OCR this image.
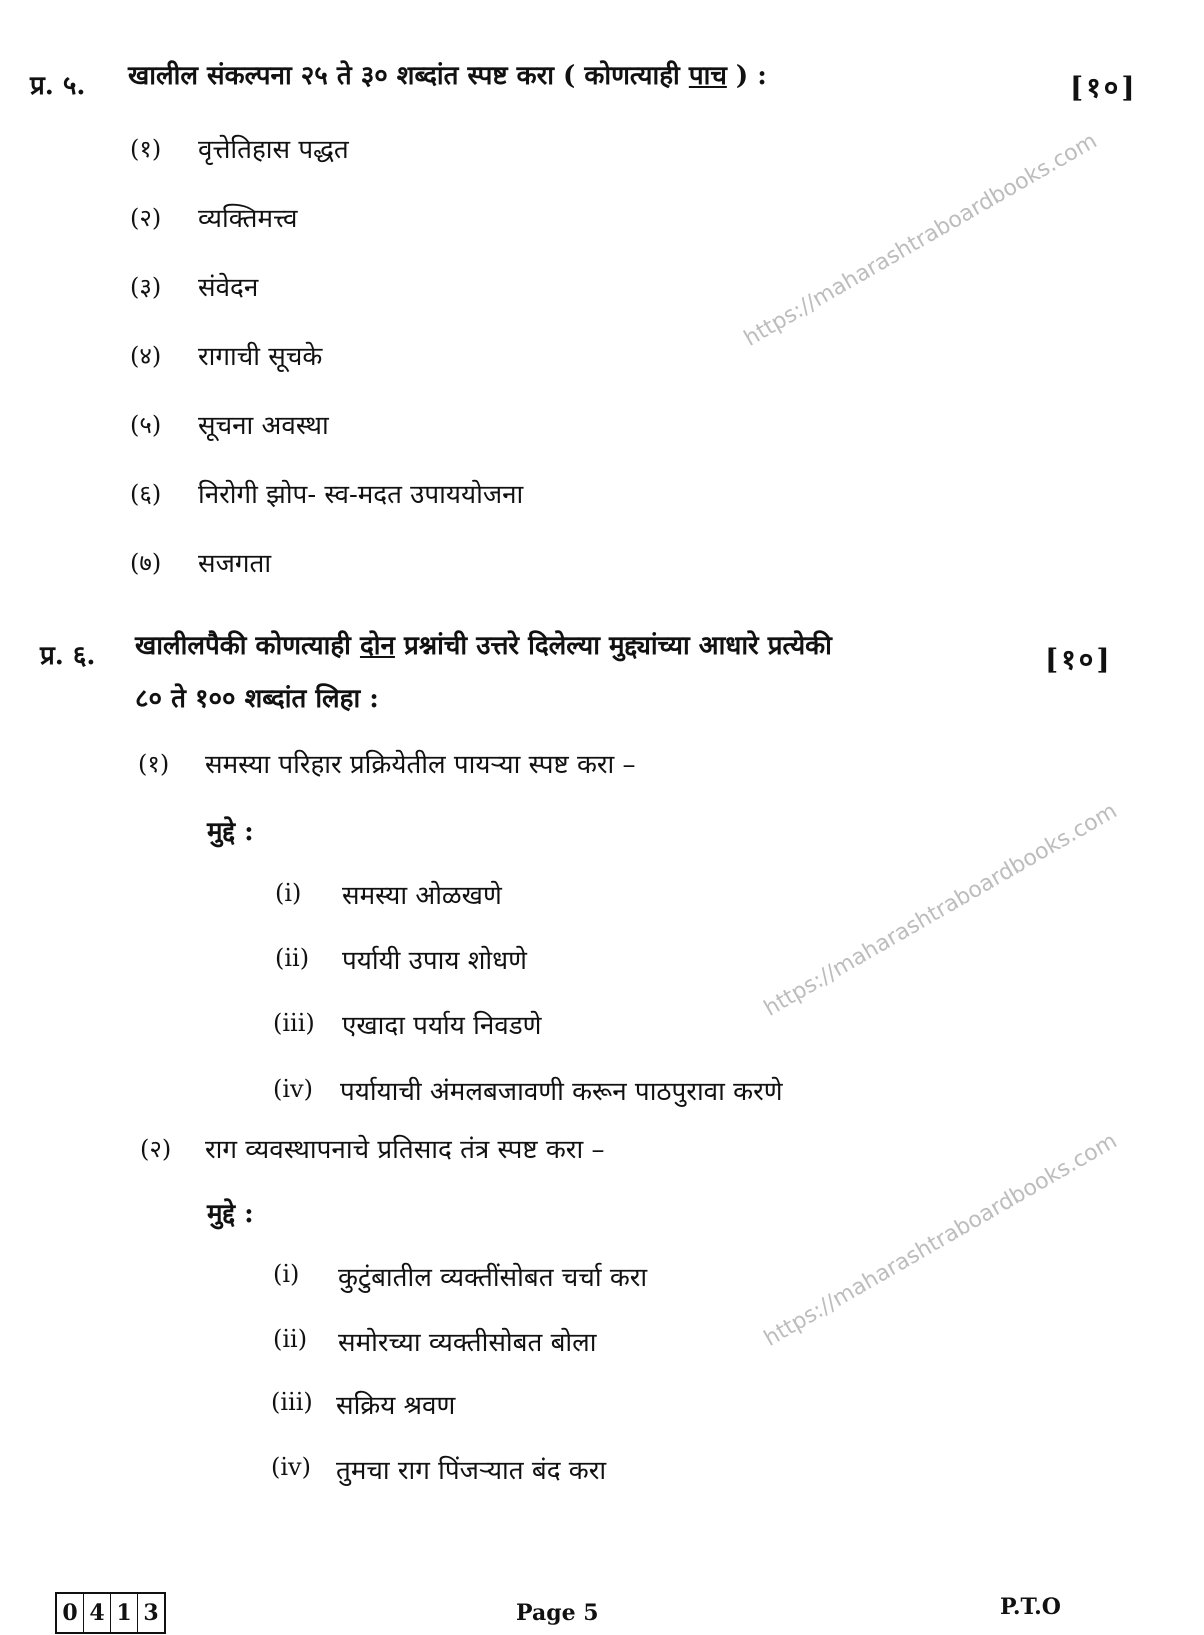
https://maharashtraboardbooks.com
https://maharashtraboardbooks.com
https://maharashtraboardbooks.com
प्र. ५. खालील संकल्पना २५ ते ३० शब्दांत स्पष्ट करा ( कोणत्याही पाच ) :	[१०]
(१) वृत्तेतिहास पद्धत
(२) व्यक्तिमत्त्व
(३) संवेदन
(४) रागाची सूचके
(५) सूचना अवस्था
(६) निरोगी झोप- स्व-मदत उपाययोजना
(७) सजगता
प्र. ६. खालीलपैकी कोणत्याही दोन प्रश्नांची उत्तरे दिलेल्या मुद्द्यांच्या आधारे प्रत्येकी
८० ते १०० शब्दांत लिहा :
[१०]
(१) समस्या परिहार प्रक्रियेतील पायऱ्या स्पष्ट करा –
मुद्दे :
(i) समस्या ओळखणे
(ii) पर्यायी उपाय शोधणे
(iii) एखादा पर्याय निवडणे
(iv) पर्यायाची अंमलबजावणी करून पाठपुरावा करणे
(२) राग व्यवस्थापनाचे प्रतिसाद तंत्र स्पष्ट करा –
मुद्दे :
(i) कुटुंबातील व्यक्तींसोबत चर्चा करा
(ii) समोरच्या व्यक्तीसोबत बोला
(iii) सक्रिय श्रवण
(iv) तुमचा राग पिंजऱ्यात बंद करा
0 4 1 3	Page 5	P.T.O
